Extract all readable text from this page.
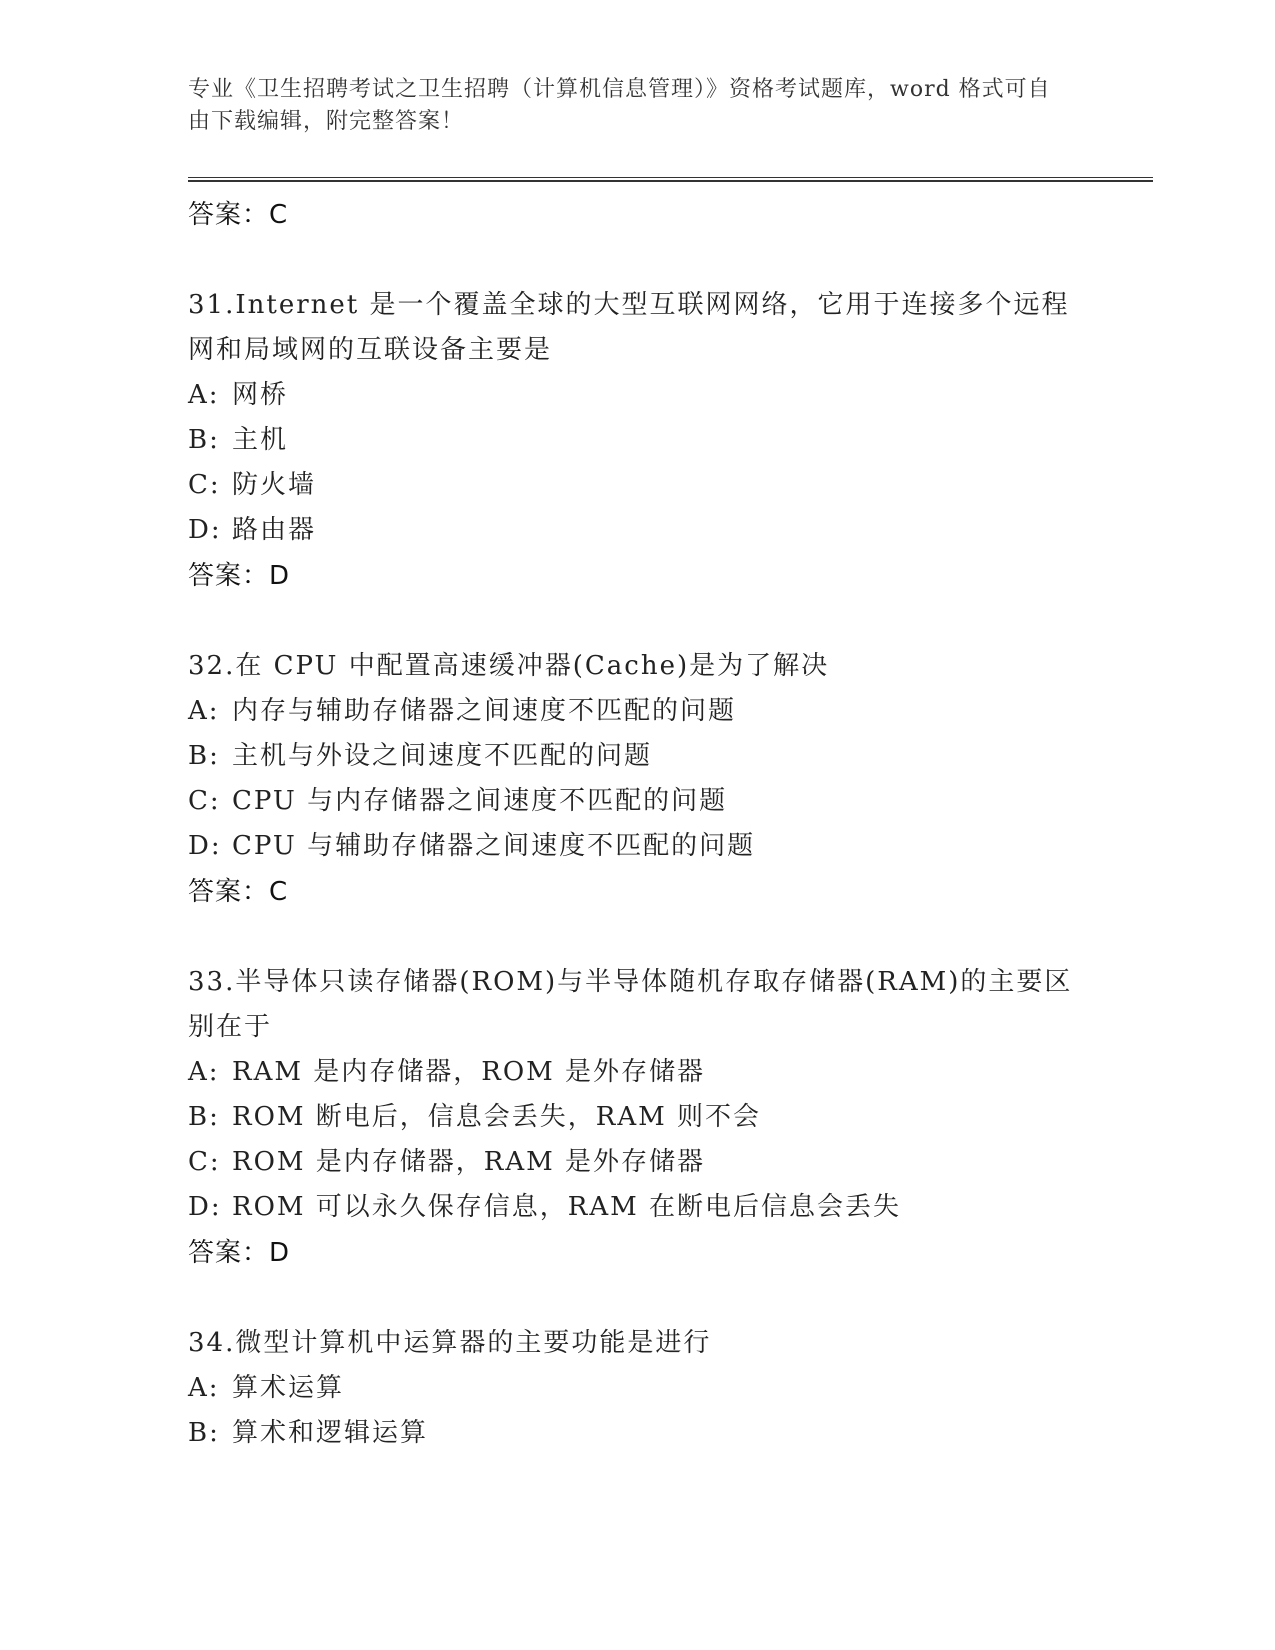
专业《卫生招聘考试之卫生招聘（计算机信息管理）》资格考试题库，word 格式可自由下载编辑，附完整答案！
答案：C
31.Internet 是一个覆盖全球的大型互联网网络，它用于连接多个远程网和局域网的互联设备主要是
A: 网桥
B: 主机
C: 防火墙
D: 路由器
答案：D
32.在 CPU 中配置高速缓冲器(Cache)是为了解决
A: 内存与辅助存储器之间速度不匹配的问题
B: 主机与外设之间速度不匹配的问题
C: CPU 与内存储器之间速度不匹配的问题
D: CPU 与辅助存储器之间速度不匹配的问题
答案：C
33.半导体只读存储器(ROM)与半导体随机存取存储器(RAM)的主要区别在于
A: RAM 是内存储器，ROM 是外存储器
B: ROM 断电后，信息会丢失，RAM 则不会
C: ROM 是内存储器，RAM 是外存储器
D: ROM 可以永久保存信息，RAM 在断电后信息会丢失
答案：D
34.微型计算机中运算器的主要功能是进行
A: 算术运算
B: 算术和逻辑运算
